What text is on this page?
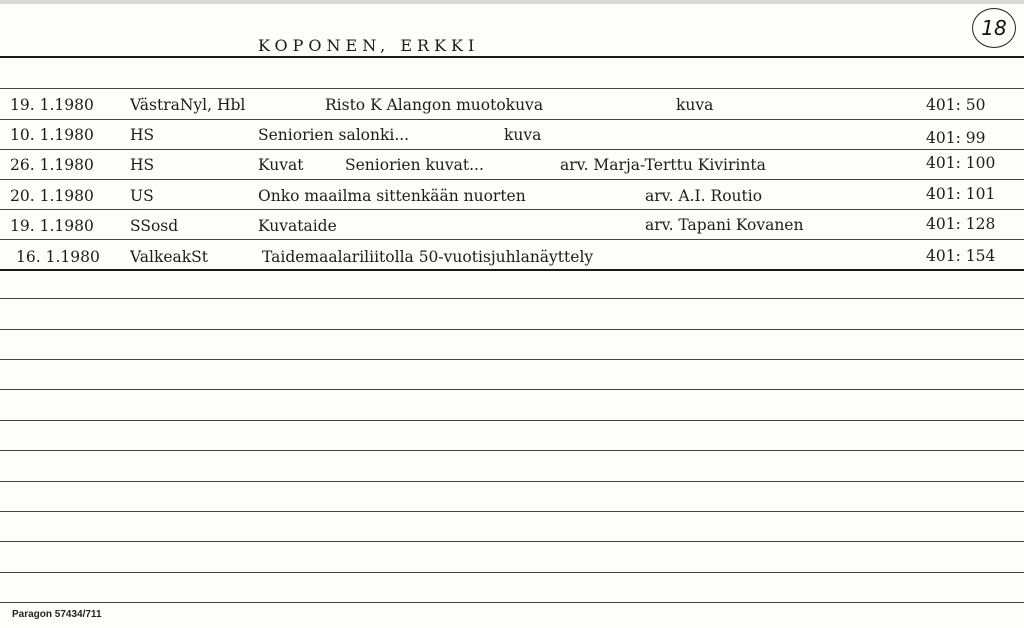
KOPONEN, ERKKI
18
19. 1.1980 VästraNyl, Hbl	Risto K Alangon muotokuva	kuva	401: 50
10. 1.1980 HS	Seniorien salonki...	kuva	401: 99
26. 1.1980 HS	Kuvat	Seniorien kuvat...	arv. Marja-Terttu Kivirinta	401: 100
20. 1.1980 US	Onko maailma sittenkään nuorten	arv. A.I. Routio	401: 101
19. 1.1980 SSosd	Kuvataide	arv. Tapani Kovanen	401: 128
16. 1.1980 ValkeakSt	Taidemaalariliitolla 50-vuotisjuhlanäyttely	401: 154
Paragon 57434/711
